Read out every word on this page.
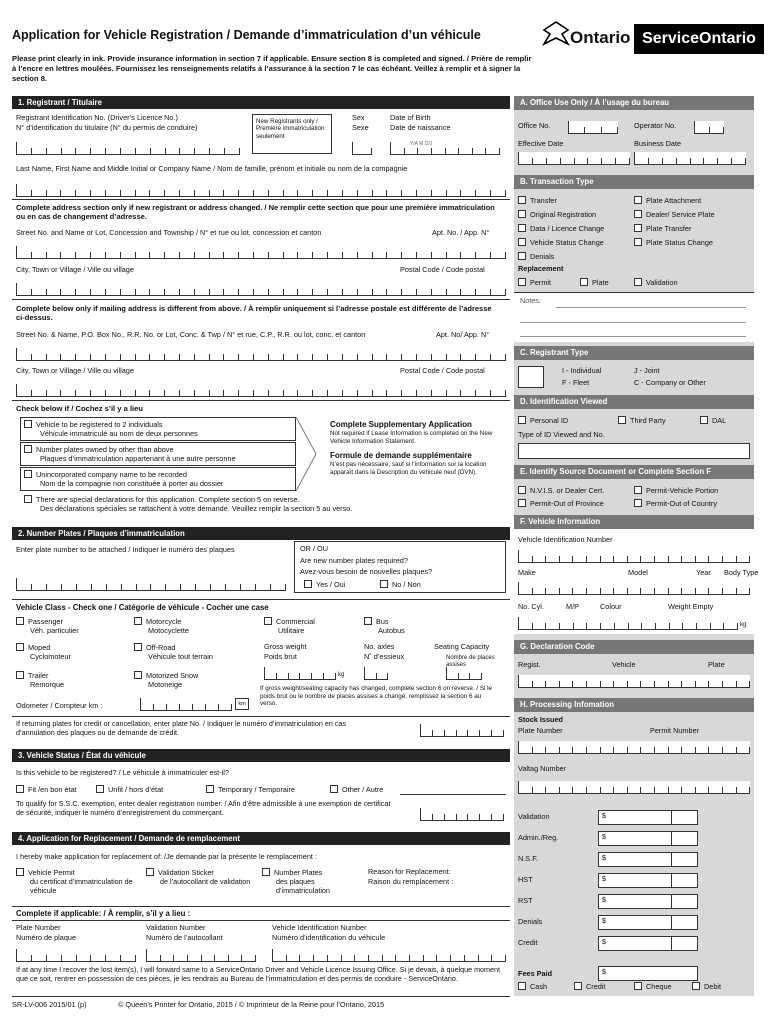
Application for Vehicle Registration / Demande d’immatriculation d’un véhicule
Please print clearly in ink. Provide insurance information in section 7 if applicable. Ensure section 8 is completed and signed. / Prière de remplir à l’encre en lettres moulées. Fournissez les renseignements relatifs à l’assurance à la section 7 le cas échéant. Veillez à remplir et à signer la section 8.
Ontario ServiceOntario
1. Registrant / Titulaire
Registrant Identification No. (Driver’s Licence No.)
N° d’identification du titulaire (N° du permis de conduire)
New Registrants only / Première immatriculation seulement
Sex
Sexe
Date of Birth
Date de naissance
Y/A M D/J
Last Name, First Name and Middle Initial or Company Name / Nom de famille, prénom et initiale ou nom de la compagnie
Complete address section only if new registrant or address changed. / Ne remplir cette section que pour une première immatriculation ou en cas de changement d’adresse.
Street No. and Name or Lot, Concession and Township / N° et rue ou lot, concession et canton	Apt. No. / App. N°
City, Town or Village / Ville ou village	Postal Code / Code postal
Complete below only if mailing address is different from above. / À remplir uniquement si l’adresse postale est différente de l’adresse ci-dessus.
Street No. & Name, P.O. Box No., R.R. No. or Lot, Conc. & Twp / N° et rue, C.P., R.R. ou lot, conc. et canton	Apt. No/ App. N°
City, Town or Village / Ville ou village	Postal Code / Code postal
Check below if / Cochez s’il y a lieu
Vehicle to be registered to 2 individuals
Véhicule immatriculé au nom de deux personnes
Number plates owned by other than above
Plaques d’immatriculation appartenant à une autre personne
Unincorporated company name to be recorded
Nom de la compagnie non constituée à porter au dossier
Complete Supplementary Application
Not required if Lease Information is completed on the New Vehicle Information Statement.
Formule de demande supplémentaire
N’est pas nécessaire, sauf si l’information sur la location apparaît dans la Description du véhicule neuf (DVN).
There are special declarations for this application. Complete section 5 on reverse.
Des déclarations spéciales se rattachent à votre demande. Veuillez remplir la section 5 au verso.
2. Number Plates / Plaques d’immatriculation
Enter plate number to be attached / Indiquer le numéro des plaques	OR / OU
Are new number plates required?
Avez-vous besoin de nouvelles plaques?
Yes / Oui	No / Non
Vehicle Class - Check one / Catégorie de véhicule - Cocher une case
Passenger
Véh. particulier
Motorcycle
Motocyclette
Commercial
Utilitaire
Bus
Autobus
Moped
Cyclomoteur
Off-Road
Véhicule tout terrain
Gross weight
Poids brut
No. axles
N˚ d’essieux
Seating Capacity
Nombre de places assises
kg
Trailer
Remorque
Motorized Snow
Motoneige	If gross weight/seating capacity has changed, complete section 6 on reverse. / Si le poids brut ou le nombre de places assises a changé, remplissez la section 6 au verso.
Odometer / Compteur km :	km
If returning plates for credit or cancellation, enter plate No. / Indiquer le numéro d’immatriculation en cas d’annulation des plaques ou de demande de crédit.
3. Vehicle Status / État du véhicule
Is this vehicle to be registered? / Le véhicule à immatriculer est-il?
Fit /en bon état	Unfit / hors d’état	Temporary / Temporaire	Other / Autre
To qualify for S.S.C. exemption, enter dealer registration number. / Afin d’être admissible à une exemption de certificat de sécurité, indiquer le numéro d’enregistrement du commerçant.
4. Application for Replacement / Demande de remplacement
I hereby make application for replacement of: /Je demande par la présente le remplacement :
Vehicle Permit
du certificat d’immatriculation de véhicule
Validation Sticker
de l’autocollant de validation
Number Plates
des plaques d’immatriculation
Reason for Replacement:
Raison du remplacement :
Complete if applicable: / À remplir, s’il y a lieu :
Plate Number
Numéro de plaque
Validation Number
Numéro de l’autocollant
Vehicle Identification Number
Numéro d’identification du véhicule
If at any time I recover the lost item(s), I will forward same to a ServiceOntario Driver and Vehicle Licence Issuing Office. Si je devais, à quelque moment que ce soit, rentrer en possession de ces pièces, je les rendrais au Bureau de l’immatriculation et des permis de conduire - ServiceOntario.
SR-LV-006 2015/01 (p)	© Queen’s Printer for Ontario, 2015 / © Imprimeur de la Reine pour l’Ontario, 2015
A. Office Use Only / À l’usage du bureau
Office No.	Operator No.
Effective Date	Business Date
B. Transaction Type
Transfer
Original Registration
Data / Licence Change
Vehicle Status Change
Denials
Plate Attachment
Dealer/ Service Plate
Plate Transfer
Plate Status Change
Replacement
Permit	Plate	Validation
Notes:
C. Registrant Type
I - Individual	J - Joint
F - Fleet	C - Company or Other
D. Identification Viewed
Personal ID	Third Party	DAL
Type of ID Viewed and No.
E. Identify Source Document or Complete Section F
N.V.I.S. or Dealer Cert.	Permit-Vehicle Portion
Permit-Out of Province	Permit-Out of Country
F. Vehicle Information
Vehicle Identification Number
Make	Model	Year Body Type
No. Cyl.	M/P	Colour	Weight Empty
kg
G. Declaration Code
Regist.	Vehicle	Plate
H. Processing Infomation
Stock Issued
Plate Number	Permit Number
Valtag Number
Validation	$
Admin./Reg.	$
N.S.F.	$
HST	$
RST	$
Denials	$
Credit	$
Fees Paid	$
Cash	Credit	Cheque	Debit
